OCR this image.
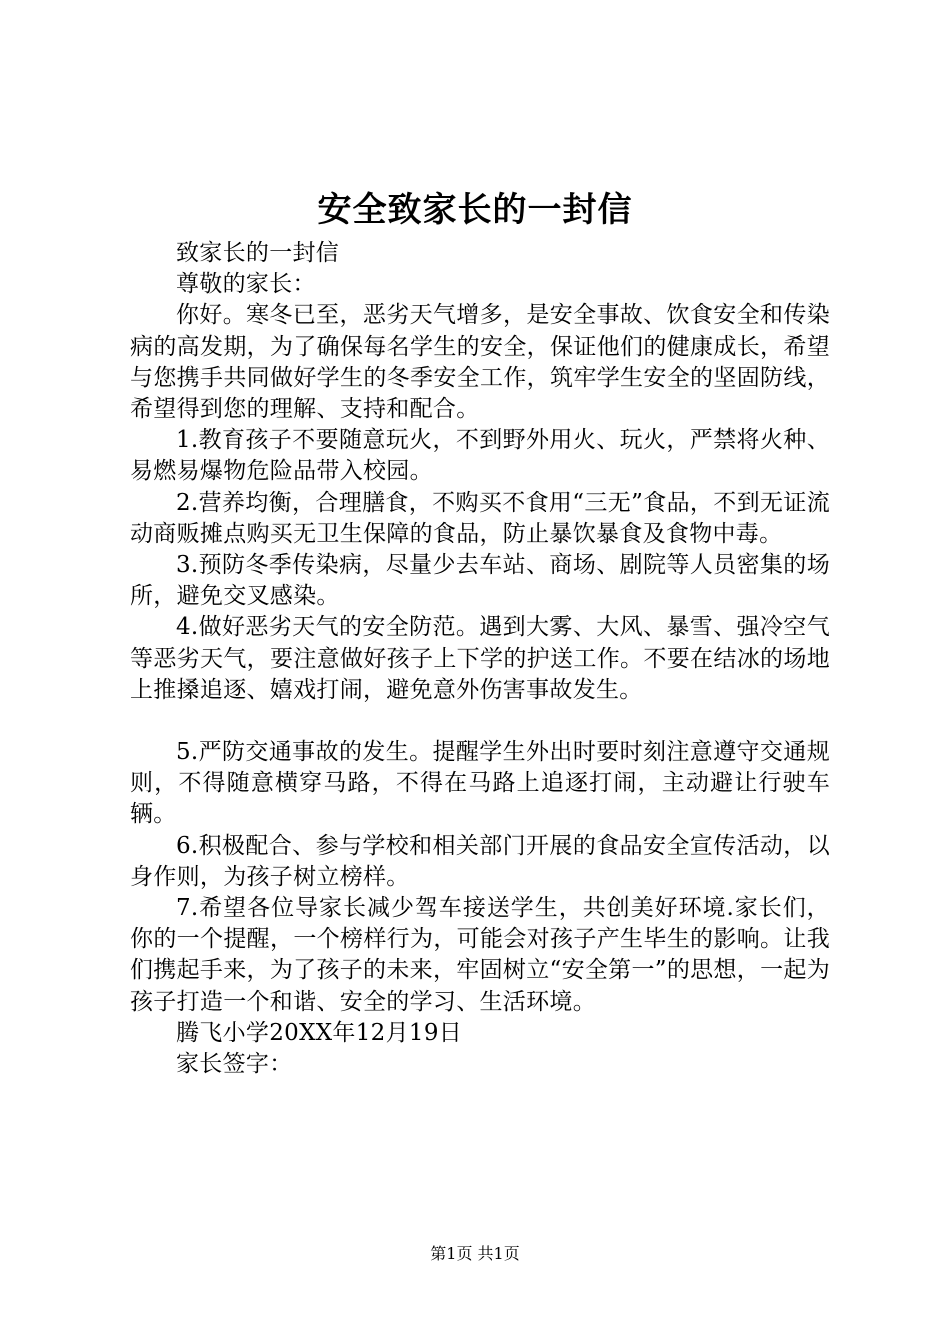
安全致家长的一封信

致家长的一封信

尊敬的家长：

你好。寒冬已至，恶劣天气增多，是安全事故、饮食安全和传染病的高发期，为了确保每名学生的安全，保证他们的健康成长，希望与您携手共同做好学生的冬季安全工作，筑牢学生安全的坚固防线，希望得到您的理解、支持和配合。

1.教育孩子不要随意玩火，不到野外用火、玩火，严禁将火种、易燃易爆物危险品带入校园。

2.营养均衡，合理膳食，不购买不食用“三无”食品，不到无证流动商贩摊点购买无卫生保障的食品，防止暴饮暴食及食物中毒。

3.预防冬季传染病，尽量少去车站、商场、剧院等人员密集的场所，避免交叉感染。

4.做好恶劣天气的安全防范。遇到大雾、大风、暴雪、强冷空气等恶劣天气，要注意做好孩子上下学的护送工作。不要在结冰的场地上推搡追逐、嬉戏打闹，避免意外伤害事故发生。

5.严防交通事故的发生。提醒学生外出时要时刻注意遵守交通规则，不得随意横穿马路，不得在马路上追逐打闹，主动避让行驶车辆。

6.积极配合、参与学校和相关部门开展的食品安全宣传活动，以身作则，为孩子树立榜样。

7.希望各位导家长减少驾车接送学生，共创美好环境.家长们，你的一个提醒，一个榜样行为，可能会对孩子产生毕生的影响。让我们携起手来，为了孩子的未来，牢固树立“安全第一”的思想，一起为孩子打造一个和谐、安全的学习、生活环境。

腾飞小学20XX年12月19日

家长签字：

第1页 共1页
